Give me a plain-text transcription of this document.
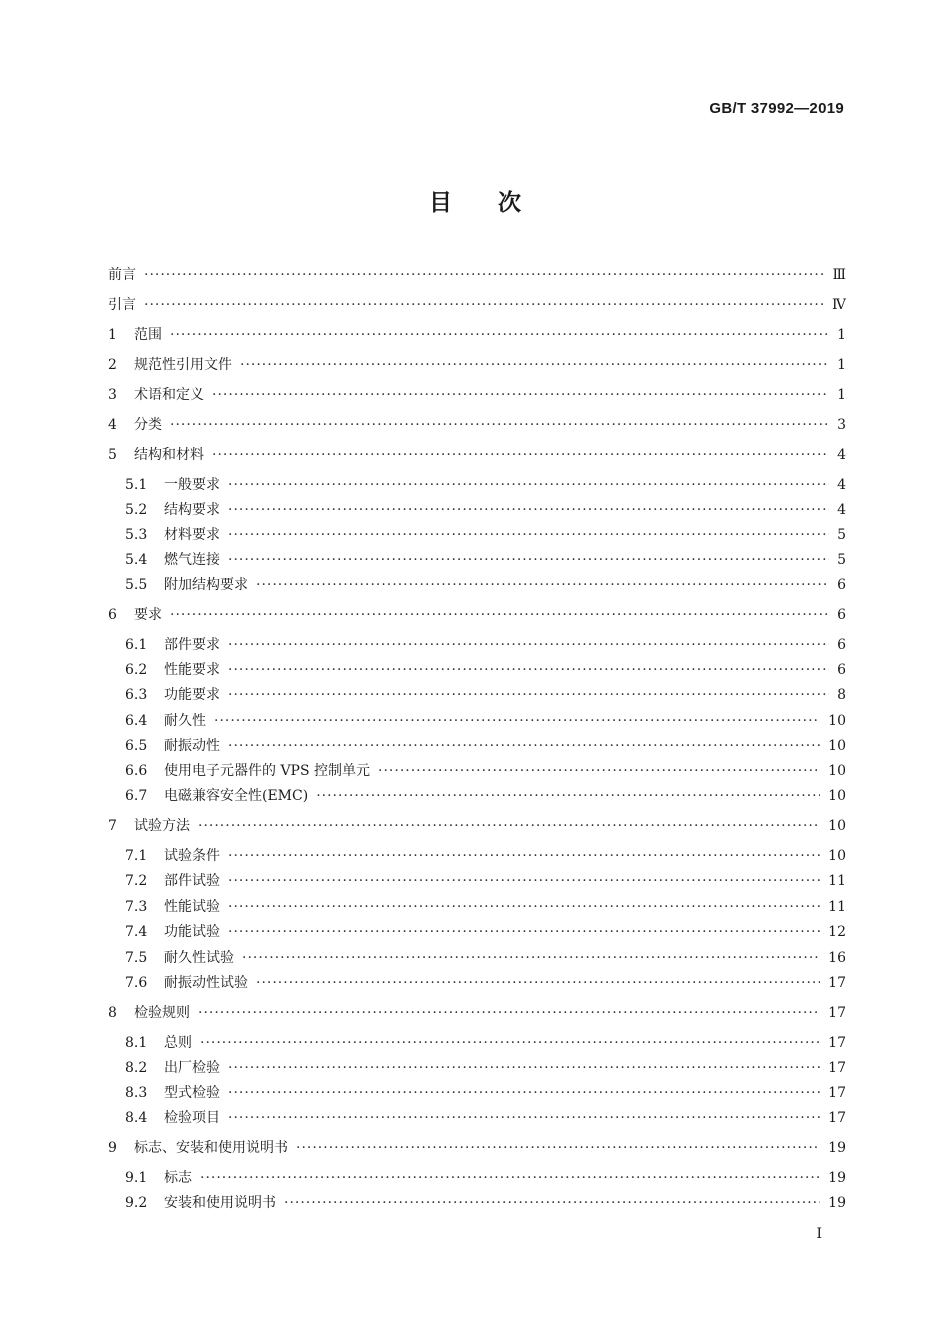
GB/T 37992—2019
目　　次
前言 ·····	Ⅲ
引言 ·····	Ⅳ
1	范围 ·····	1
2	规范性引用文件 ·····	1
3	术语和定义 ·····	1
4	分类 ·····	3
5	结构和材料 ·····	4
5.1	一般要求 ·····	4
5.2	结构要求 ·····	4
5.3	材料要求 ·····	5
5.4	燃气连接 ·····	5
5.5	附加结构要求 ·····	6
6	要求 ·····	6
6.1	部件要求 ·····	6
6.2	性能要求 ·····	6
6.3	功能要求 ·····	8
6.4	耐久性 ·····	10
6.5	耐振动性 ·····	10
6.6	使用电子元器件的 VPS 控制单元 ·····	10
6.7	电磁兼容安全性(EMC) ·····	10
7	试验方法 ·····	10
7.1	试验条件 ·····	10
7.2	部件试验 ·····	11
7.3	性能试验 ·····	11
7.4	功能试验 ·····	12
7.5	耐久性试验 ·····	16
7.6	耐振动性试验 ·····	17
8	检验规则 ·····	17
8.1	总则 ·····	17
8.2	出厂检验 ·····	17
8.3	型式检验 ·····	17
8.4	检验项目 ·····	17
9	标志、安装和使用说明书 ·····	19
9.1	标志 ·····	19
9.2	安装和使用说明书 ·····	19
Ⅰ
